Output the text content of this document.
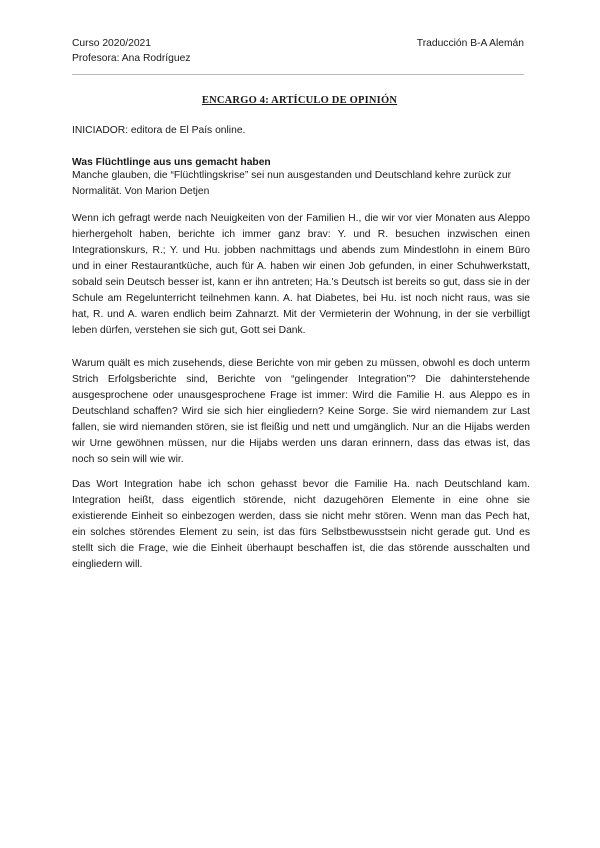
Curso 2020/2021
Profesora: Ana Rodríguez
Traducción B-A Alemán
ENCARGO 4: ARTÍCULO DE OPINIÓN
INICIADOR: editora de El País online.
Was Flüchtlinge aus uns gemacht haben
Manche glauben, die “Flüchtlingskrise” sei nun ausgestanden und Deutschland kehre zurück zur Normalität. Von Marion Detjen

Wenn ich gefragt werde nach Neuigkeiten von der Familien H., die wir vor vier Monaten aus Aleppo hierhergeholt haben, berichte ich immer ganz brav: Y. und R. besuchen inzwischen einen Integrationskurs, R.; Y. und Hu. jobben nachmittags und abends zum Mindestlohn in einem Büro und in einer Restaurantküche, auch für A. haben wir einen Job gefunden, in einer Schuhwerkstatt, sobald sein Deutsch besser ist, kann er ihn antreten; Ha.'s Deutsch ist bereits so gut, dass sie in der Schule am Regelunterricht teilnehmen kann. A. hat Diabetes, bei Hu. ist noch nicht raus, was sie hat, R. und A. waren endlich beim Zahnarzt. Mit der Vermieterin der Wohnung, in der sie verbilligt leben dürfen, verstehen sie sich gut, Gott sei Dank.

Warum quält es mich zusehends, diese Berichte von mir geben zu müssen, obwohl es doch unterm Strich Erfolgsberichte sind, Berichte von “gelingender Integration”? Die dahinterstehende ausgesprochene oder unausgesprochene Frage ist immer: Wird die Familie H. aus Aleppo es in Deutschland schaffen? Wird sie sich hier eingliedern? Keine Sorge. Sie wird niemandem zur Last fallen, sie wird niemanden stören, sie ist fleißig und nett und umgänglich. Nur an die Hijabs werden wir Urne gewöhnen müssen, nur die Hijabs werden uns daran erinnern, dass das etwas ist, das noch so sein will wie wir.

Das Wort Integration habe ich schon gehasst bevor die Familie Ha. nach Deutschland kam. Integration heißt, dass eigentlich störende, nicht dazugehören Elemente in eine ohne sie existierende Einheit so einbezogen werden, dass sie nicht mehr stören. Wenn man das Pech hat, ein solches störendes Element zu sein, ist das fürs Selbstbewusstsein nicht gerade gut. Und es stellt sich die Frage, wie die Einheit überhaupt beschaffen ist, die das störende ausschalten und eingliedern will.
